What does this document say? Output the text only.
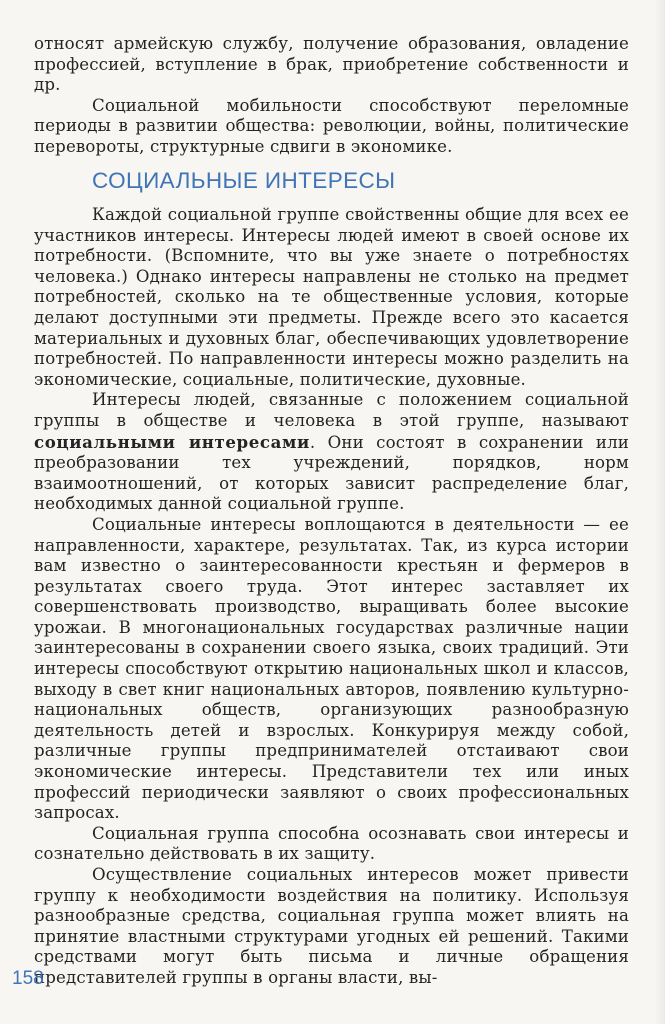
относят армейскую службу, получение образования, овладение профессией, вступление в брак, приобретение собственности и др.

Социальной мобильности способствуют переломные периоды в развитии общества: революции, войны, политические перевороты, структурные сдвиги в экономике.

СОЦИАЛЬНЫЕ ИНТЕРЕСЫ

Каждой социальной группе свойственны общие для всех ее участников интересы. Интересы людей имеют в своей основе их потребности. (Вспомните, что вы уже знаете о потребностях человека.) Однако интересы направлены не столько на предмет потребностей, сколько на те общественные условия, которые делают доступными эти предметы. Прежде всего это касается материальных и духовных благ, обеспечивающих удовлетворение потребностей. По направленности интересы можно разделить на экономические, социальные, политические, духовные.

Интересы людей, связанные с положением социальной группы в обществе и человека в этой группе, называют социальными интересами. Они состоят в сохранении или преобразовании тех учреждений, порядков, норм взаимоотношений, от которых зависит распределение благ, необходимых данной социальной группе.

Социальные интересы воплощаются в деятельности — ее направленности, характере, результатах. Так, из курса истории вам известно о заинтересованности крестьян и фермеров в результатах своего труда. Этот интерес заставляет их совершенствовать производство, выращивать более высокие урожаи. В многонациональных государствах различные нации заинтересованы в сохранении своего языка, своих традиций. Эти интересы способствуют открытию национальных школ и классов, выходу в свет книг национальных авторов, появлению культурно-национальных обществ, организующих разнообразную деятельность детей и взрослых. Конкурируя между собой, различные группы предпринимателей отстаивают свои экономические интересы. Представители тех или иных профессий периодически заявляют о своих профессиональных запросах.

Социальная группа способна осознавать свои интересы и сознательно действовать в их защиту.

Осуществление социальных интересов может привести группу к необходимости воздействия на политику. Используя разнообразные средства, социальная группа может влиять на принятие властными структурами угодных ей решений. Такими средствами могут быть письма и личные обращения представителей группы в органы власти, вы-

158
